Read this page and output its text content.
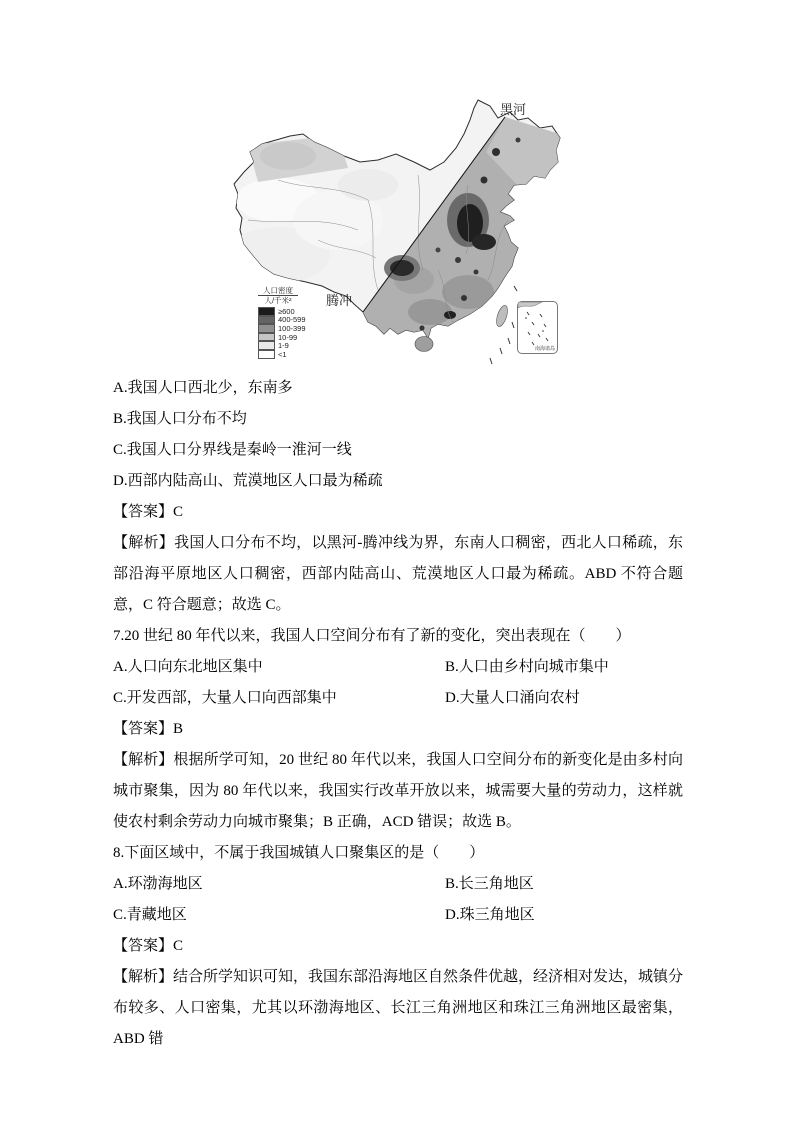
黑河
腾冲
人口密度
人/千米²
≥600
400-599
100-399
10-99
1-9
<1
南海诸岛
A.我国人口西北少，东南多
B.我国人口分布不均
C.我国人口分界线是秦岭一淮河一线
D.西部内陆高山、荒漠地区人口最为稀疏
【答案】C

【解析】我国人口分布不均，以黑河-腾冲线为界，东南人口稠密，西北人口稀疏，东部沿海平原地区人口稠密，西部内陆高山、荒漠地区人口最为稀疏。ABD 不符合题意，C 符合题意；故选 C。

7.20 世纪 80 年代以来，我国人口空间分布有了新的变化，突出表现在（　　）
A.人口向东北地区集中	B.人口由乡村向城市集中
C.开发西部，大量人口向西部集中	D.大量人口涌向农村
【答案】B

【解析】根据所学可知，20 世纪 80 年代以来，我国人口空间分布的新变化是由多村向城市聚集，因为 80 年代以来，我国实行改革开放以来，城需要大量的劳动力，这样就使农村剩余劳动力向城市聚集；B 正确，ACD 错误；故选 B。

8.下面区域中，不属于我国城镇人口聚集区的是（　　）
A.环渤海地区	B.长三角地区
C.青藏地区	D.珠三角地区
【答案】C

【解析】结合所学知识可知，我国东部沿海地区自然条件优越，经济相对发达，城镇分布较多、人口密集，尤其以环渤海地区、长江三角洲地区和珠江三角洲地区最密集，ABD 错
